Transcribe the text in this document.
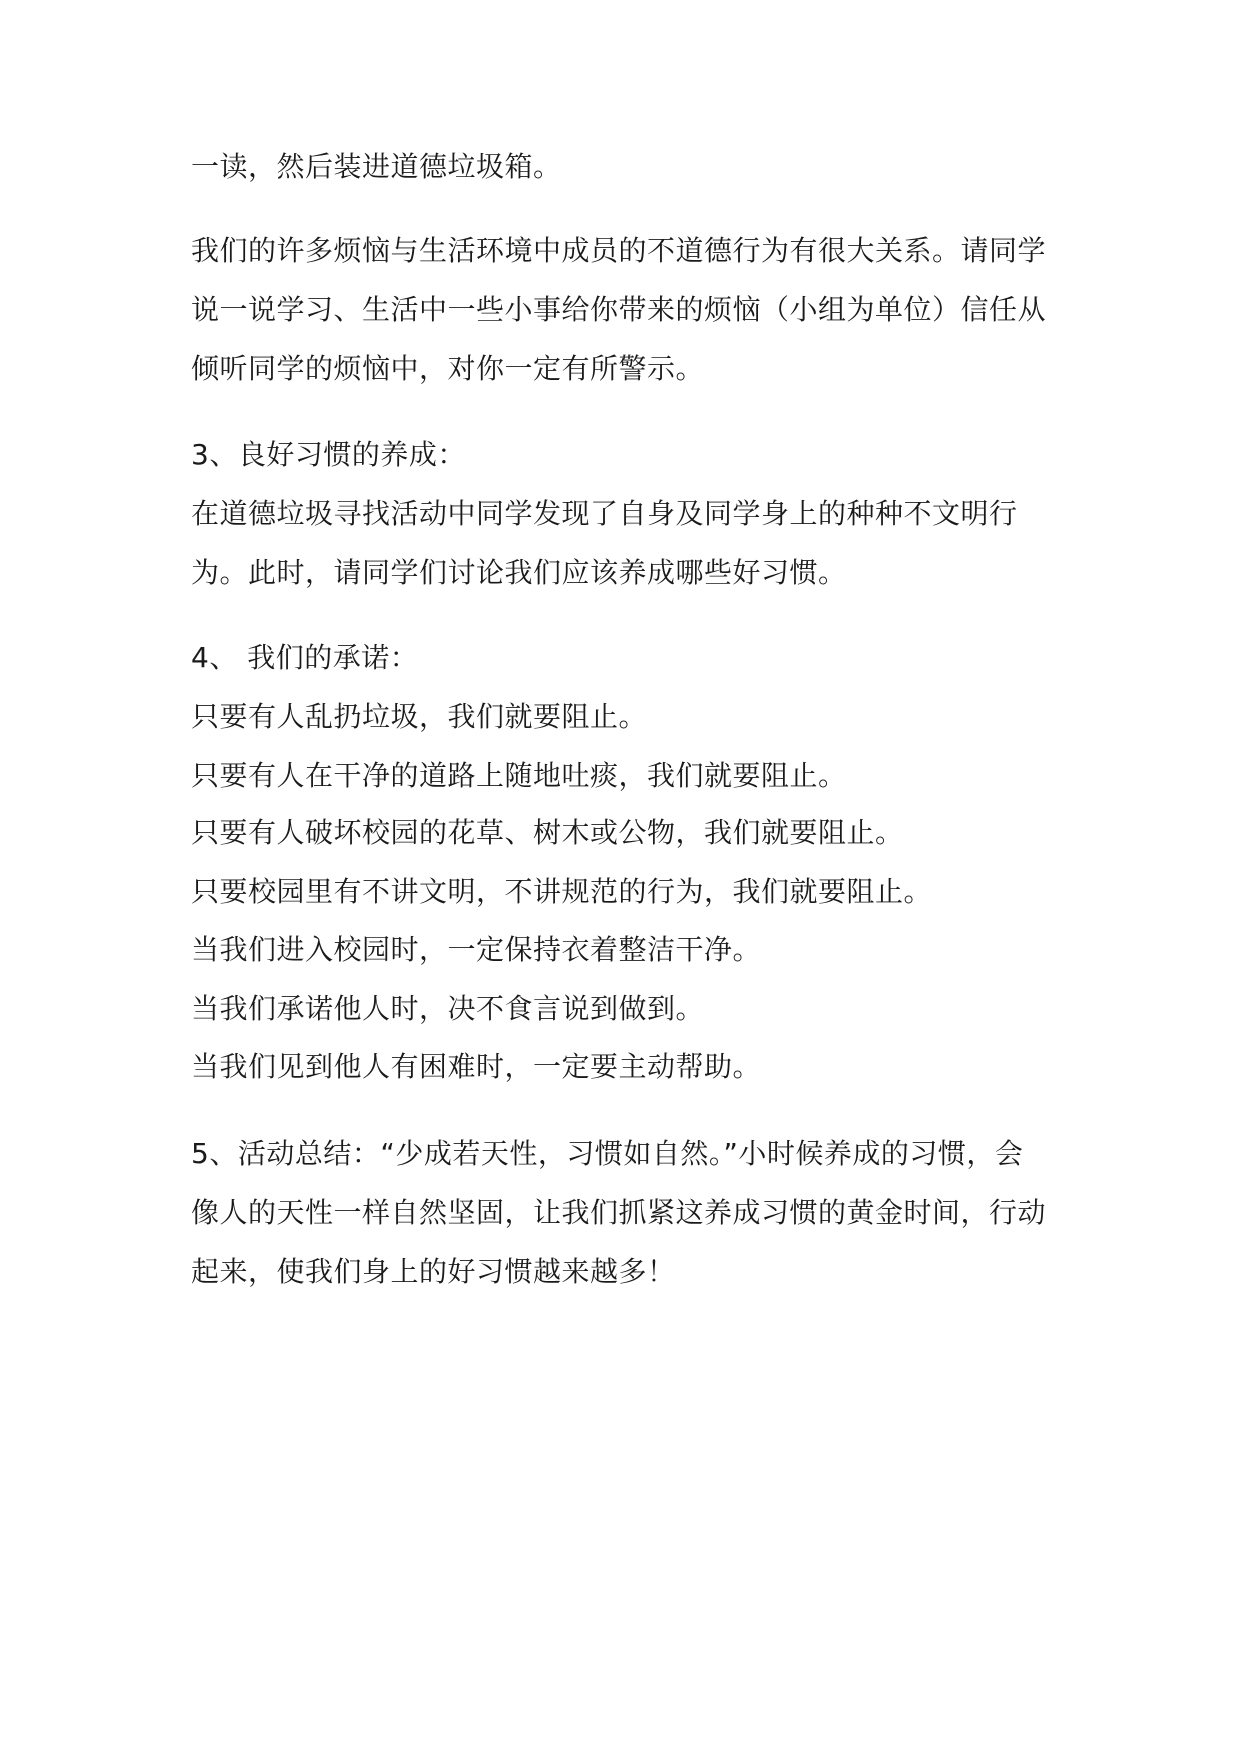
一读，然后装进道德垃圾箱。

我们的许多烦恼与生活环境中成员的不道德行为有很大关系。请同学

说一说学习、生活中一些小事给你带来的烦恼（小组为单位）信任从

倾听同学的烦恼中，对你一定有所警示。

3、良好习惯的养成：

在道德垃圾寻找活动中同学发现了自身及同学身上的种种不文明行

为。此时，请同学们讨论我们应该养成哪些好习惯。

4、 我们的承诺：

只要有人乱扔垃圾，我们就要阻止。

只要有人在干净的道路上随地吐痰，我们就要阻止。

只要有人破坏校园的花草、树木或公物，我们就要阻止。

只要校园里有不讲文明，不讲规范的行为，我们就要阻止。

当我们进入校园时，一定保持衣着整洁干净。

当我们承诺他人时，决不食言说到做到。

当我们见到他人有困难时，一定要主动帮助。

5、活动总结：“少成若天性，习惯如自然。”小时候养成的习惯，会

像人的天性一样自然坚固，让我们抓紧这养成习惯的黄金时间，行动

起来，使我们身上的好习惯越来越多！
